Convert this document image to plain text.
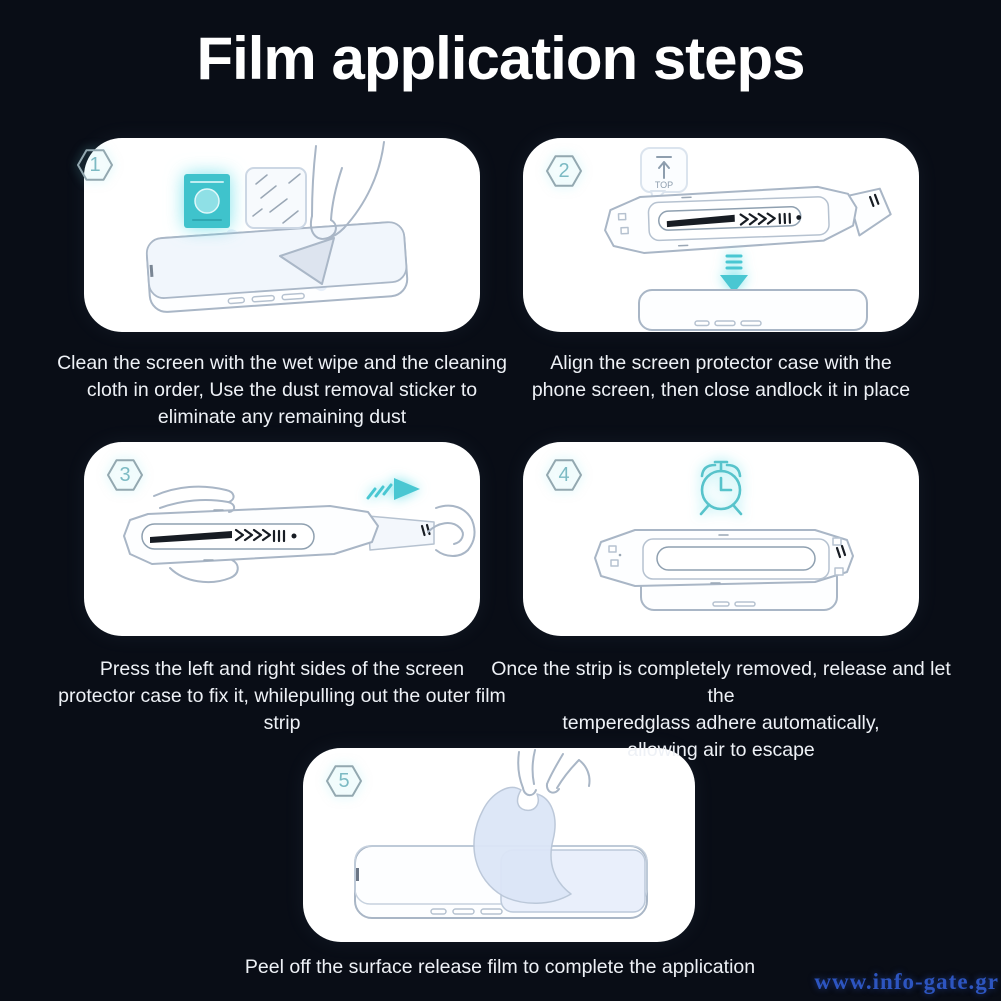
Film application steps
1
TOP
2
3	4
5
Clean the screen with the wet wipe and the cleaning
cloth in order, Use the dust removal sticker to
eliminate any remaining dust
Align the screen protector case with the
phone screen, then close andlock it in place
Press the left and right sides of the screen
protector case to fix it, whilepulling out the outer film strip
Once the strip is completely removed, release and let the
temperedglass adhere automatically,
allowing air to escape
Peel off the surface release film to complete the application
www.info-gate.gr
